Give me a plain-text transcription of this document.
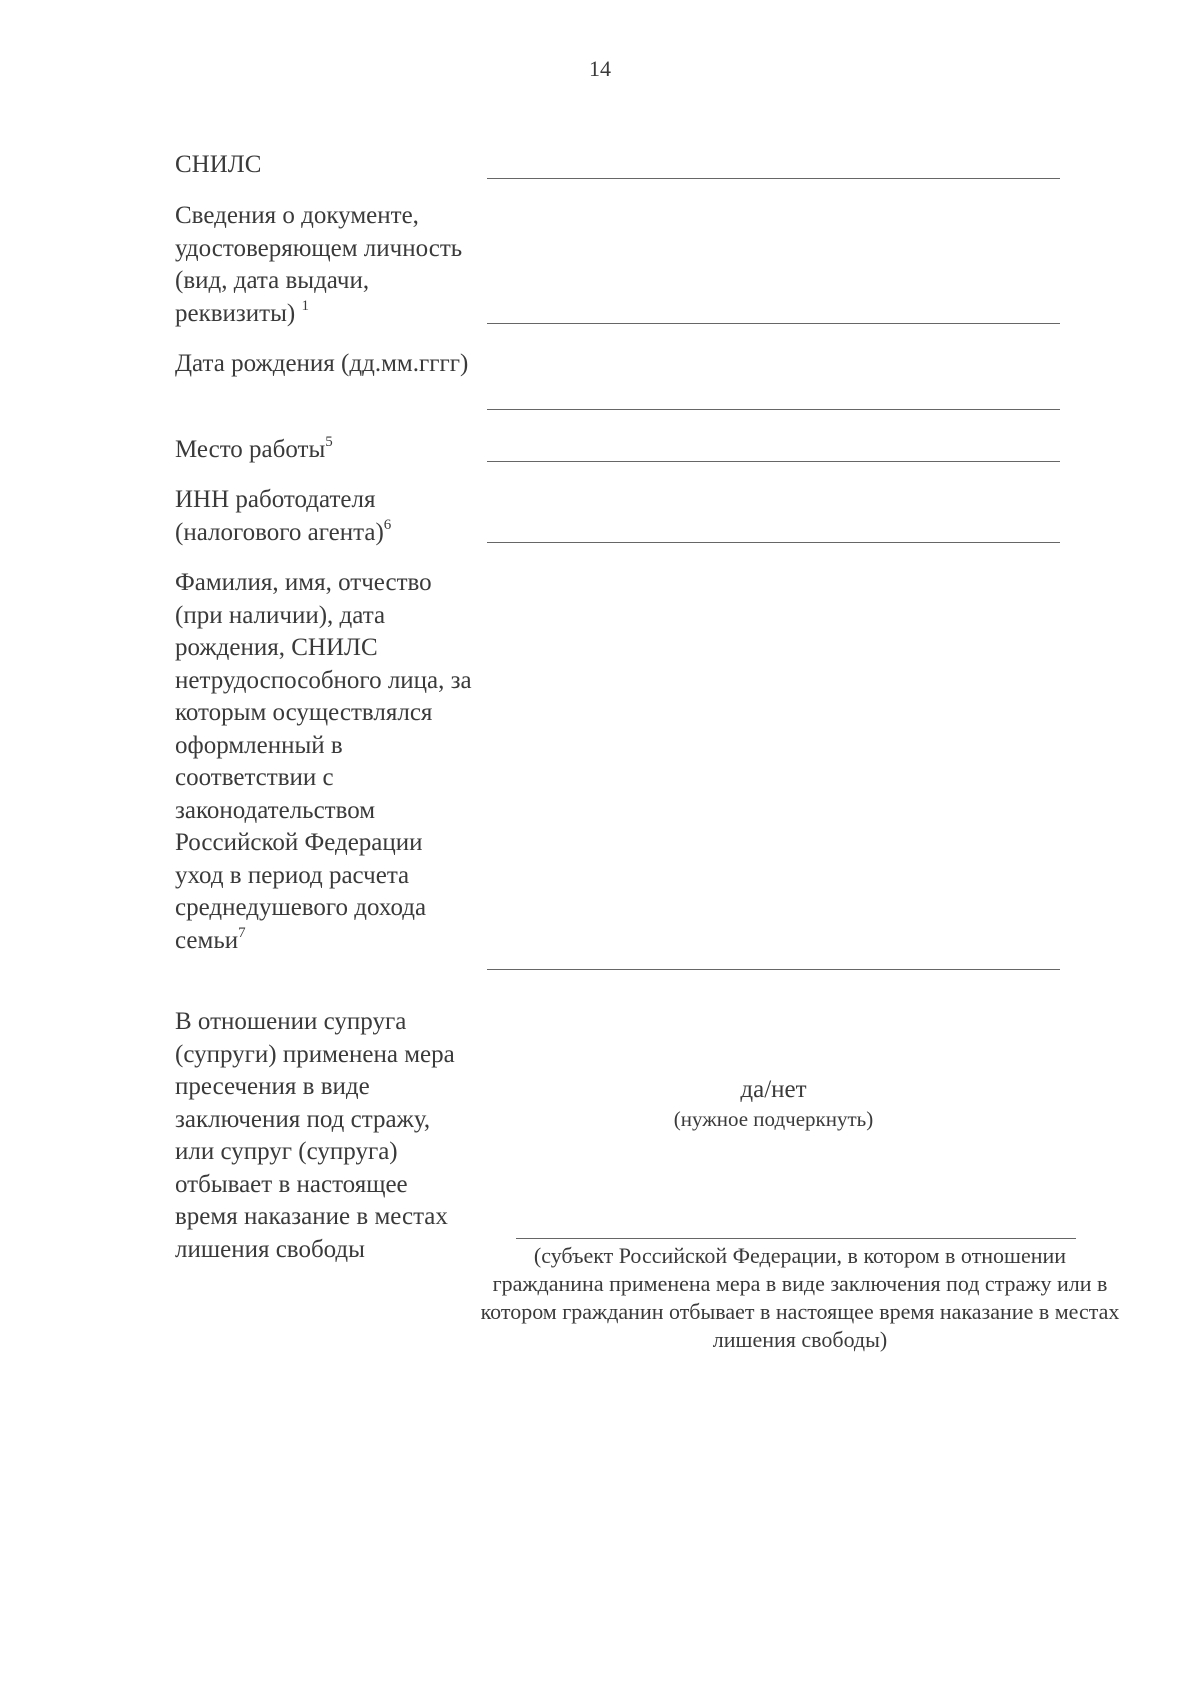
14
СНИЛС
Сведения о документе, удостоверяющем личность (вид, дата выдачи, реквизиты) $^1$
Дата рождения (дд.мм.гггг)
Место работы$^5$
ИНН работодателя (налогового агента)$^6$
Фамилия, имя, отчество (при наличии), дата рождения, СНИЛС нетрудоспособного лица, за которым осуществлялся оформленный в соответствии с законодательством Российской Федерации уход в период расчета среднедушевого дохода семьи$^7$
В отношении супруга (супруги) применена мера пресечения в виде заключения под стражу, или супруг (супруга) отбывает в настоящее время наказание в местах лишения свободы
да/нет
(нужное подчеркнуть)
(субъект Российской Федерации, в котором в отношении гражданина применена мера в виде заключения под стражу или в котором гражданин отбывает в настоящее время наказание в местах лишения свободы)
